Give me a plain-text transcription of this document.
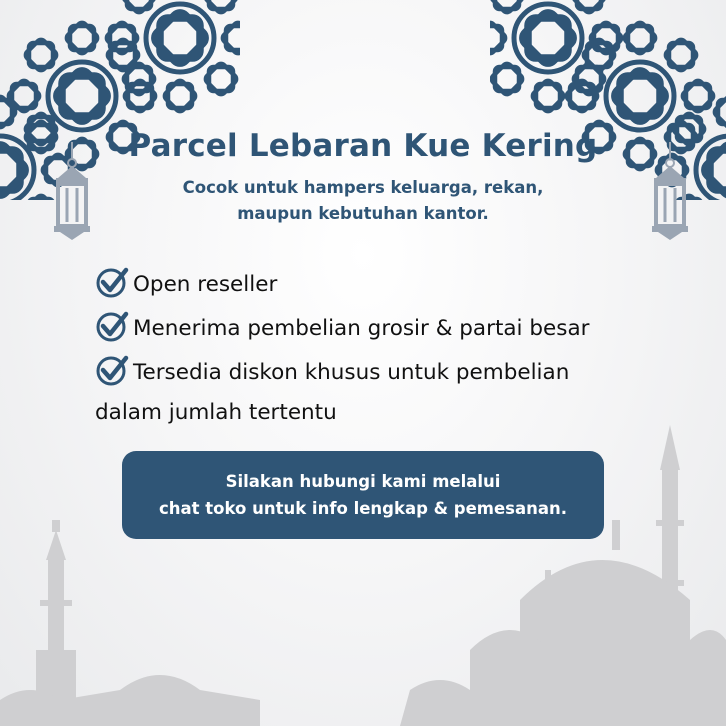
Parcel Lebaran Kue Kering

Cocok untuk hampers keluarga, rekan,
maupun kebutuhan kantor.

Open reseller
Menerima pembelian grosir & partai besar
Tersedia diskon khusus untuk pembelian
dalam jumlah tertentu
Silakan hubungi kami melalui
chat toko untuk info lengkap & pemesanan.
